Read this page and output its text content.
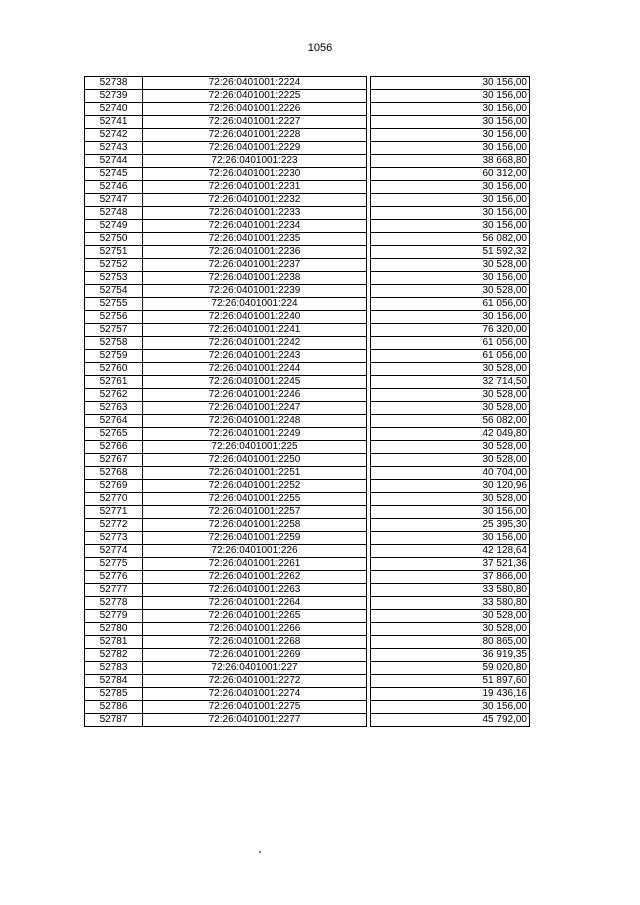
1056
52738	72:26:0401001:2224		30 156,00
52739	72:26:0401001:2225		30 156,00
52740	72:26:0401001:2226		30 156,00
52741	72:26:0401001:2227		30 156,00
52742	72:26:0401001:2228		30 156,00
52743	72:26:0401001:2229		30 156,00
52744	72:26:0401001:223		38 668,80
52745	72:26:0401001:2230		60 312,00
52746	72:26:0401001:2231		30 156,00
52747	72:26:0401001:2232		30 156,00
52748	72:26:0401001:2233		30 156,00
52749	72:26:0401001:2234		30 156,00
52750	72:26:0401001:2235		56 082,00
52751	72:26:0401001:2236		51 592,32
52752	72:26:0401001:2237		30 528,00
52753	72:26:0401001:2238		30 156,00
52754	72:26:0401001:2239		30 528,00
52755	72:26:0401001:224		61 056,00
52756	72:26:0401001:2240		30 156,00
52757	72:26:0401001:2241		76 320,00
52758	72:26:0401001:2242		61 056,00
52759	72:26:0401001:2243		61 056,00
52760	72:26:0401001:2244		30 528,00
52761	72:26:0401001:2245		32 714,50
52762	72:26:0401001:2246		30 528,00
52763	72:26:0401001:2247		30 528,00
52764	72:26:0401001:2248		56 082,00
52765	72:26:0401001:2249		42 049,80
52766	72:26:0401001:225		30 528,00
52767	72:26:0401001:2250		30 528,00
52768	72:26:0401001:2251		40 704,00
52769	72:26:0401001:2252		30 120,96
52770	72:26:0401001:2255		30 528,00
52771	72:26:0401001:2257		30 156,00
52772	72:26:0401001:2258		25 395,30
52773	72:26:0401001:2259		30 156,00
52774	72:26:0401001:226		42 128,64
52775	72:26:0401001:2261		37 521,36
52776	72:26:0401001:2262		37 866,00
52777	72:26:0401001:2263		33 580,80
52778	72:26:0401001:2264		33 580,80
52779	72:26:0401001:2265		30 528,00
52780	72:26:0401001:2266		30 528,00
52781	72:26:0401001:2268		80 865,00
52782	72:26:0401001:2269		36 919,35
52783	72:26:0401001:227		59 020,80
52784	72:26:0401001:2272		51 897,60
52785	72:26:0401001:2274		19 436,16
52786	72:26:0401001:2275		30 156,00
52787	72:26:0401001:2277		45 792,00
